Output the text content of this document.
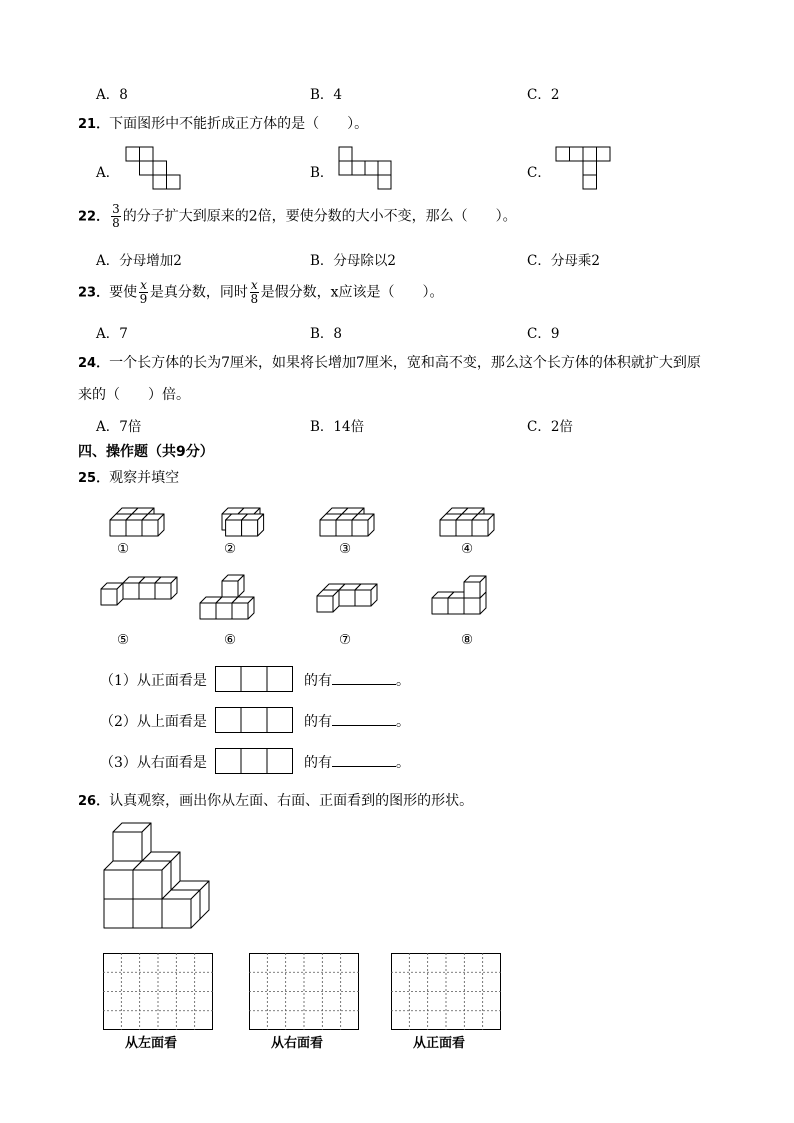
A．8	B．4	C．2
21．下面图形中不能折成正方体的是（　　）。
A．	B．	C．
22． $\frac{3}{8}$ 的分子扩大到原来的2倍，要使分数的大小不变，那么（　　）。
A．分母增加2	B．分母除以2	C．分母乘2
23．要使 $\frac{x}{9}$ 是真分数，同时 $\frac{x}{8}$ 是假分数，x应该是（　　）。
A．7	B．8	C．9
24．一个长方体的长为7厘米，如果将长增加7厘米，宽和高不变，那么这个长方体的体积就扩大到原
来的（　　）倍。
A．7倍	B．14倍	C．2倍
四、操作题（共9分）
25．观察并填空
①	②	③	④
⑤	⑥	⑦	⑧
（1）从正面看是	的有	。
（2）从上面看是	的有	。
（3）从右面看是	的有	。
26．认真观察，画出你从左面、右面、正面看到的图形的形状。
从左面看	从右面看	从正面看
